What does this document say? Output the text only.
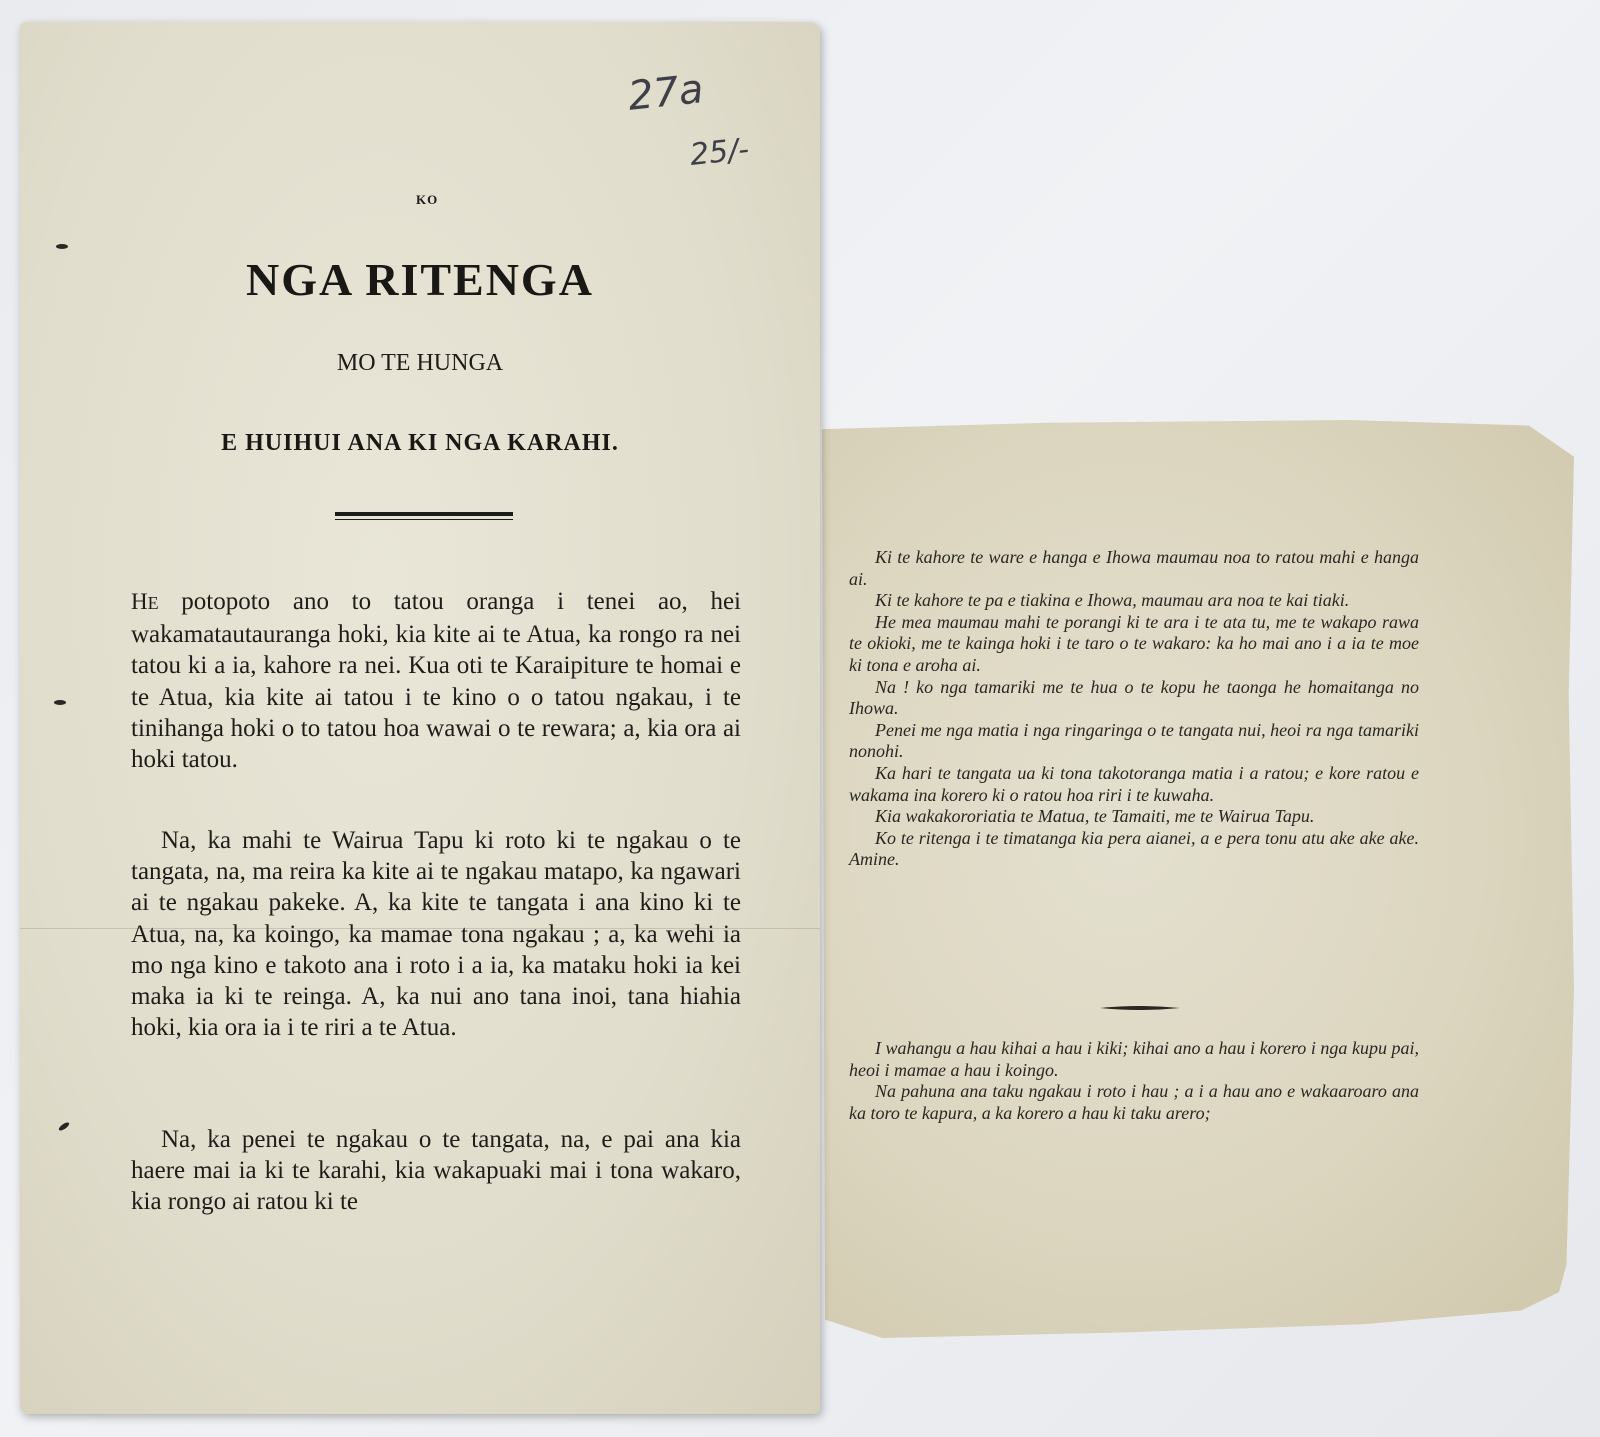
Ki te kahore te ware e hanga e Ihowa maumau noa to ratou mahi e hanga ai.

Ki te kahore te pa e tiakina e Ihowa, maumau ara noa te kai tiaki.

He mea maumau mahi te porangi ki te ara i te ata tu, me te wakapo rawa te okioki, me te kainga hoki i te taro o te wakaro: ka ho mai ano i a ia te moe ki tona e aroha ai.

Na ! ko nga tamariki me te hua o te kopu he taonga he homaitanga no Ihowa.

Penei me nga matia i nga ringaringa o te tangata nui, heoi ra nga tamariki nonohi.

Ka hari te tangata ua ki tona takotoranga matia i a ratou; e kore ratou e wakama ina korero ki o ratou hoa riri i te kuwaha.

Kia wakakororiatia te Matua, te Tamaiti, me te Wairua Tapu.

Ko te ritenga i te timatanga kia pera aianei, a e pera tonu atu ake ake ake. Amine.

I wahangu a hau kihai a hau i kiki; kihai ano a hau i korero i nga kupu pai, heoi i mamae a hau i koingo.

Na pahuna ana taku ngakau i roto i hau ; a i a hau ano e wakaaroaro ana ka toro te kapura, a ka korero a hau ki taku arero;

27a
25/-
KO
NGA RITENGA
MO TE HUNGA
E HUIHUI ANA KI NGA KARAHI.

HE potopoto ano to tatou oranga i tenei ao, hei wakamatautauranga hoki, kia kite ai te Atua, ka rongo ra nei tatou ki a ia, kahore ra nei. Kua oti te Karaipiture te homai e te Atua, kia kite ai tatou i te kino o o tatou ngakau, i te tinihanga hoki o to tatou hoa wawai o te rewara; a, kia ora ai hoki tatou.

Na, ka mahi te Wairua Tapu ki roto ki te ngakau o te tangata, na, ma reira ka kite ai te ngakau matapo, ka ngawari ai te ngakau pakeke. A, ka kite te tangata i ana kino ki te Atua, na, ka koingo, ka mamae tona ngakau ; a, ka wehi ia mo nga kino e takoto ana i roto i a ia, ka mataku hoki ia kei maka ia ki te reinga. A, ka nui ano tana inoi, tana hiahia hoki, kia ora ia i te riri a te Atua.

Na, ka penei te ngakau o te tangata, na, e pai ana kia haere mai ia ki te karahi, kia wakapuaki mai i tona wakaro, kia rongo ai ratou ki te
